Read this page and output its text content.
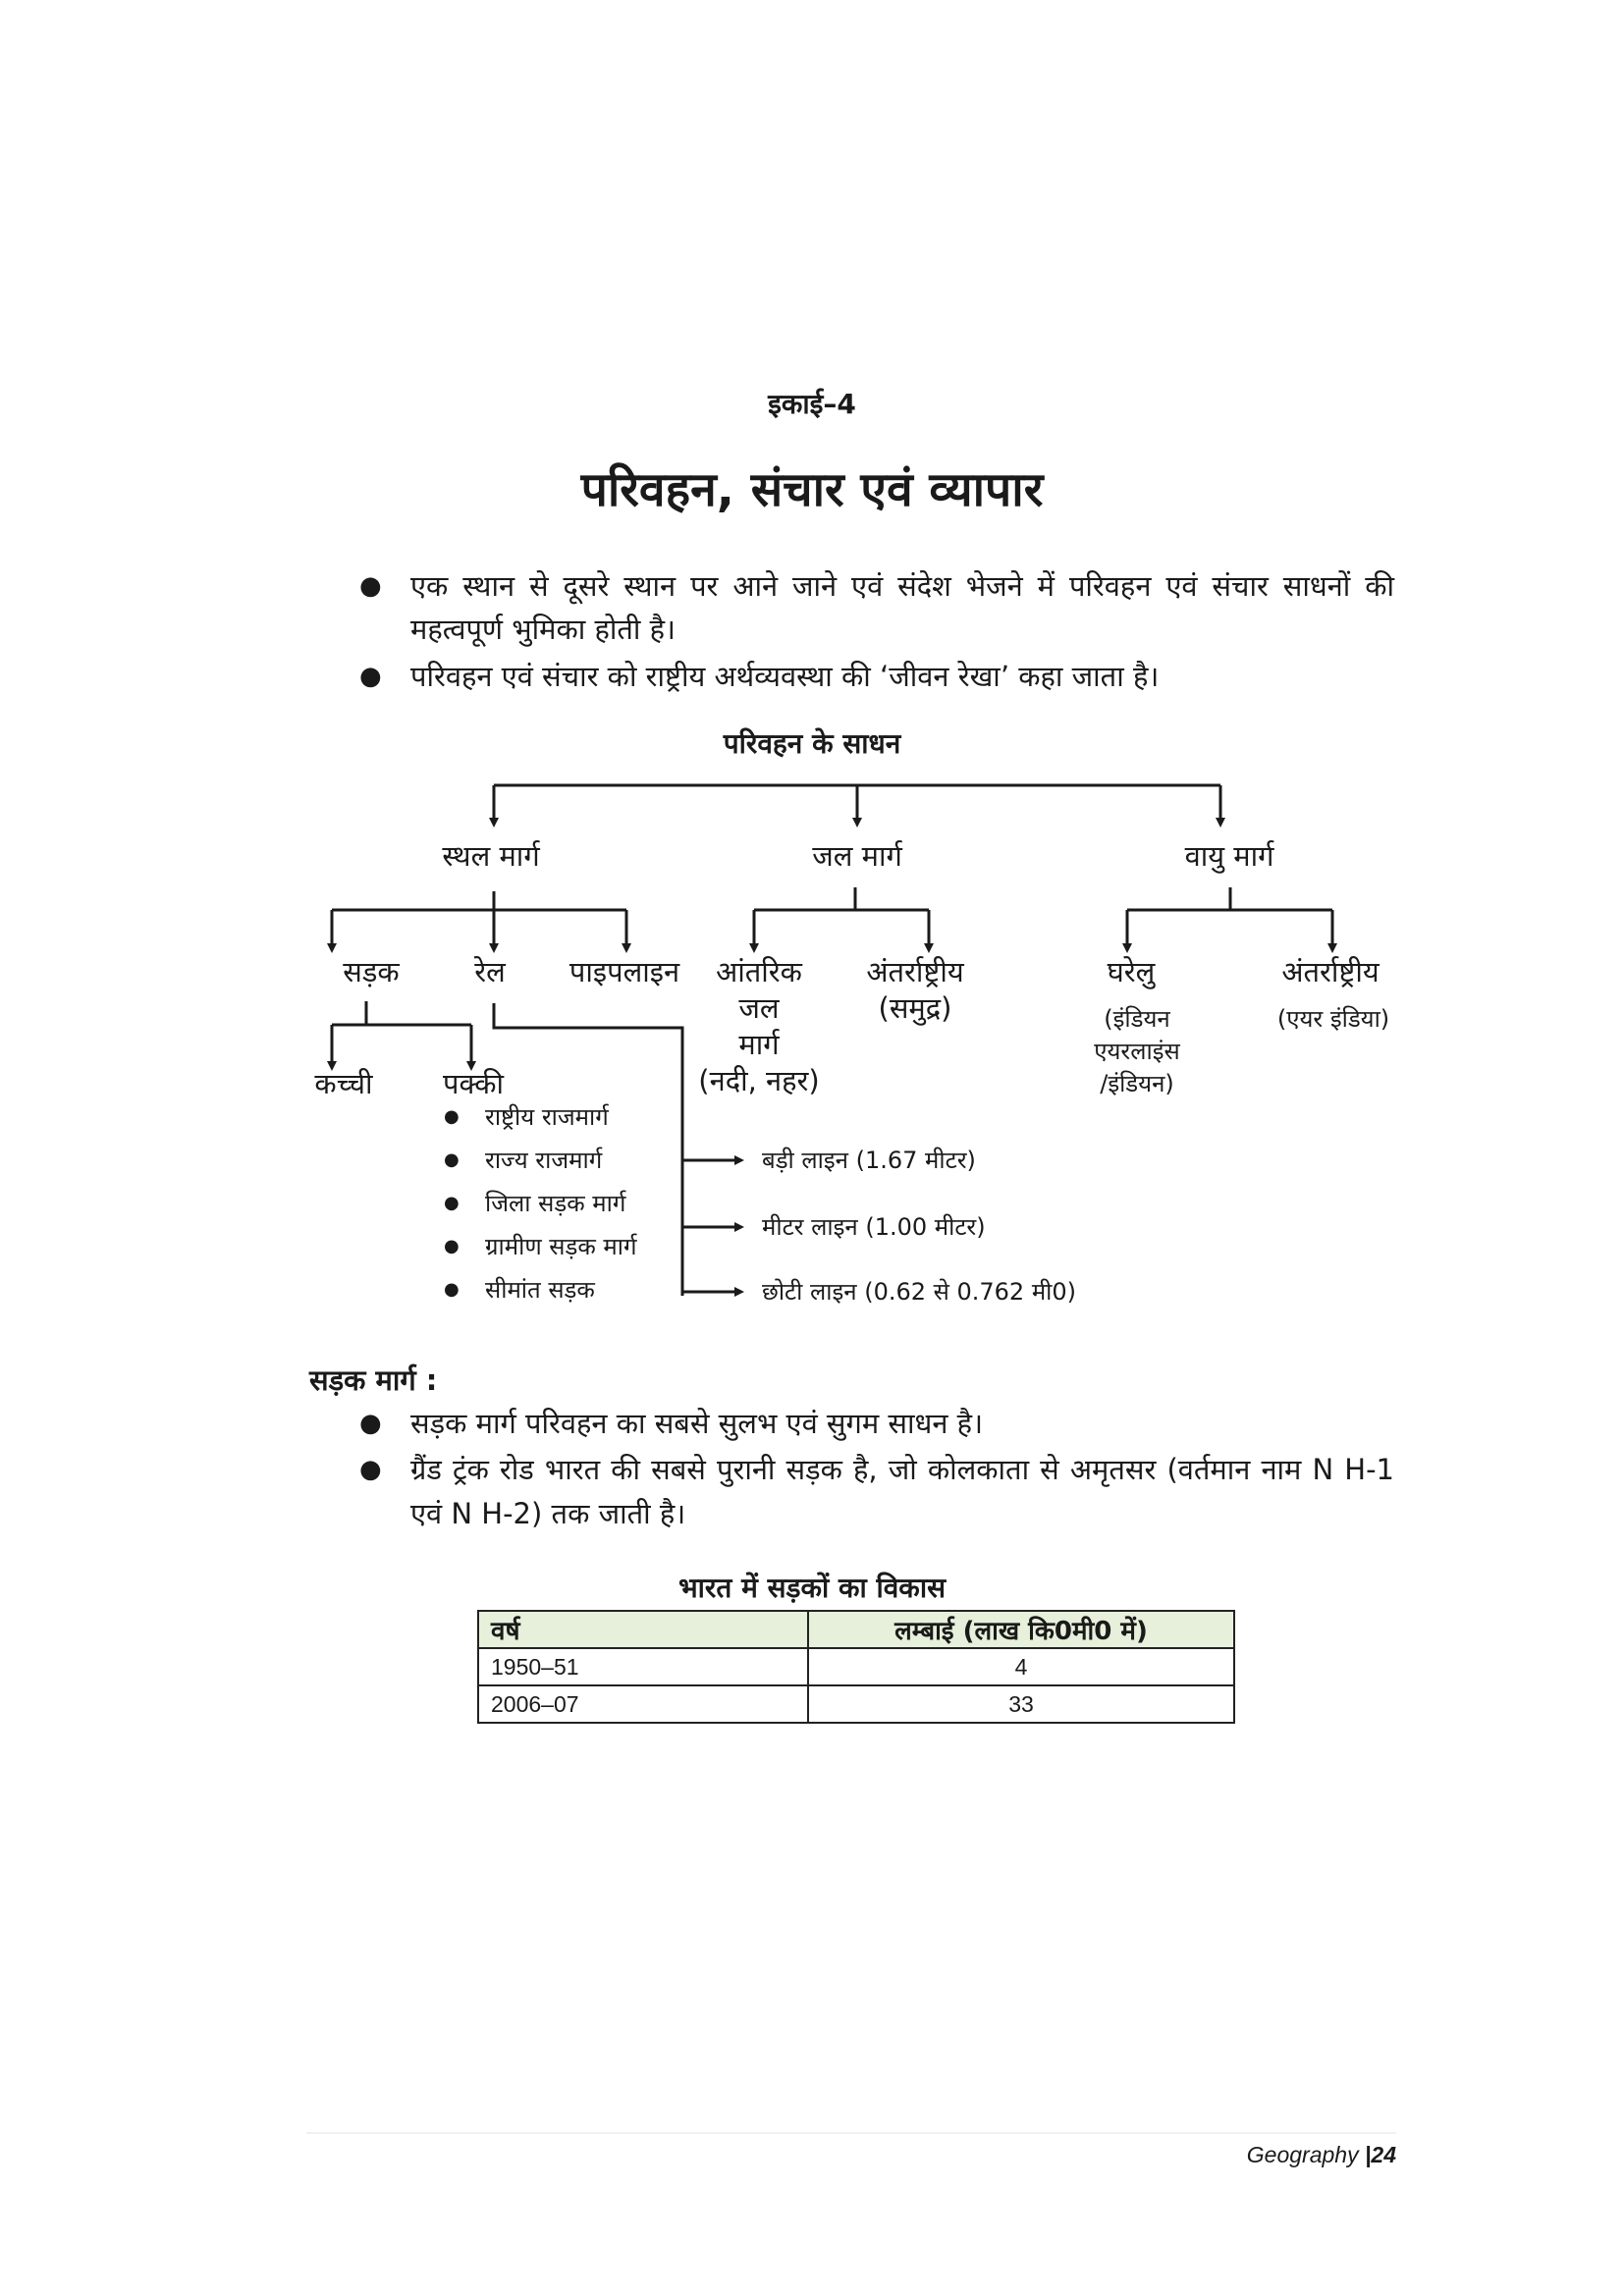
इकाई–4
परिवहन, संचार एवं व्यापार
● एक स्थान से दूसरे स्थान पर आने जाने एवं संदेश भेजने में परिवहन एवं संचार साधनों की महत्वपूर्ण भुमिका होती है।
● परिवहन एवं संचार को राष्ट्रीय अर्थव्यवस्था की ‘जीवन रेखा’ कहा जाता है।
परिवहन के साधन
स्थल मार्ग	जल मार्ग	वायु मार्ग
सड़क	रेल पाइपलाइन	आंतरिक
जल
मार्ग
(नदी, नहर)
अंतर्राष्ट्रीय
(समुद्र)
घरेलु
(इंडियन
एयरलाइंस
/इंडियन)
अंतर्राष्ट्रीय
(एयर इंडिया)
कच्ची पक्की
● राष्ट्रीय राजमार्ग
● राज्य राजमार्ग
● जिला सड़क मार्ग
● ग्रामीण सड़क मार्ग
● सीमांत सड़क
बड़ी लाइन (1.67 मीटर)
मीटर लाइन (1.00 मीटर)
छोटी लाइन (0.62 से 0.762 मी0)
सड़क मार्ग :
● सड़क मार्ग परिवहन का सबसे सुलभ एवं सुगम साधन है।
● ग्रैंड ट्रंक रोड भारत की सबसे पुरानी सड़क है, जो कोलकाता से अमृतसर (वर्तमान नाम N H-1 एवं N H-2) तक जाती है।
भारत में सड़कों का विकास
वर्ष	लम्बाई (लाख कि0मी0 में)
1950–51	4
2006–07	33
Geography |24
